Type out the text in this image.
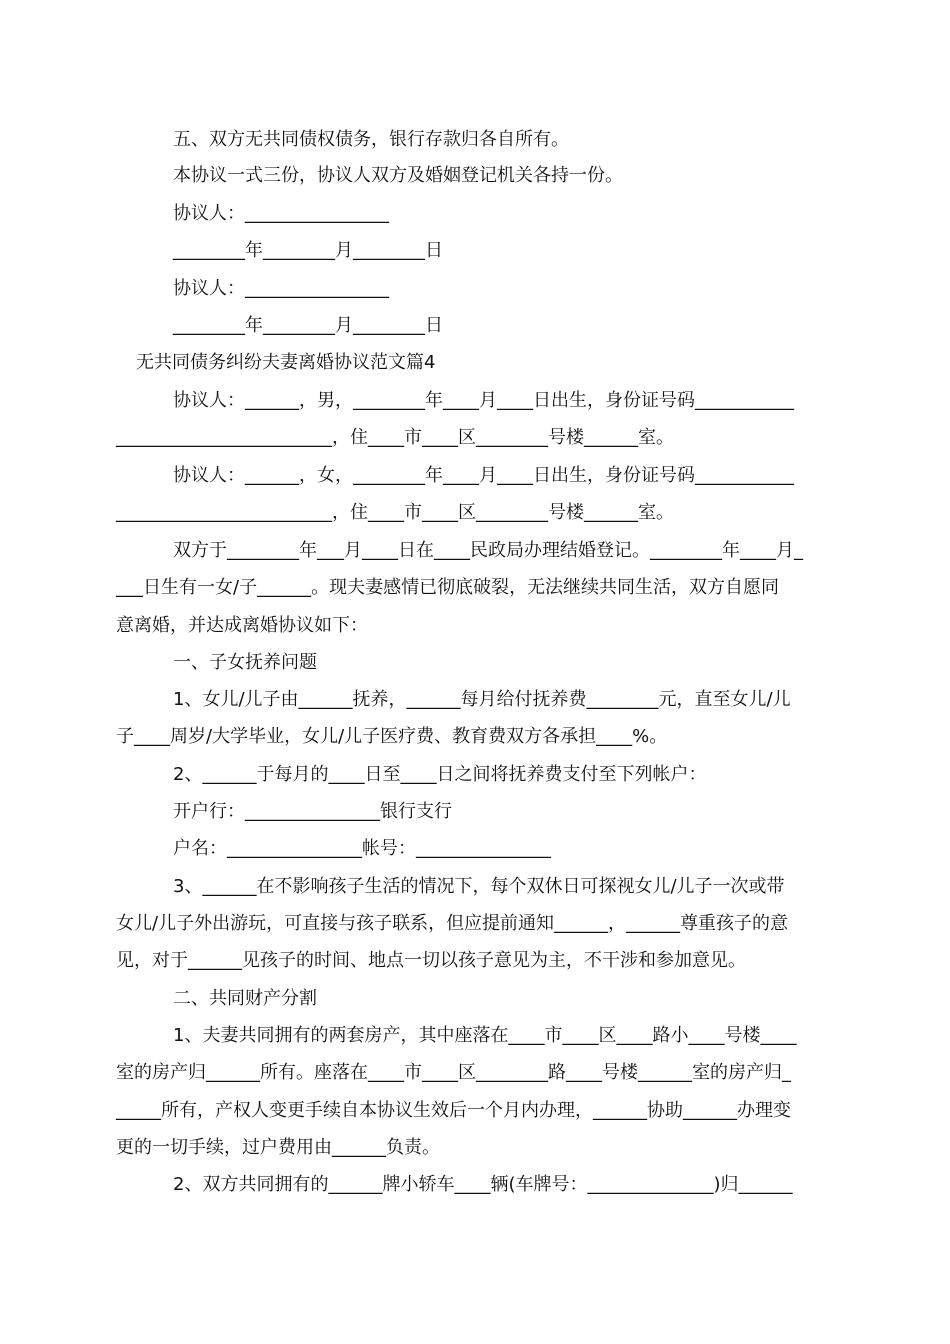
五、双方无共同债权债务，银行存款归各自所有。
本协议一式三份，协议人双方及婚姻登记机关各持一份。
协议人：________________
________年________月________日
协议人：________________
________年________月________日
无共同债务纠纷夫妻离婚协议范文篇4
协议人：______，男，________年____月____日出生，身份证号码___________
________________________，住____市____区________号楼______室。
协议人：______，女，________年____月____日出生，身份证号码___________
________________________，住____市____区________号楼______室。
双方于________年___月____日在____民政局办理结婚登记。________年____月_
___日生有一女/子______。现夫妻感情已彻底破裂，无法继续共同生活，双方自愿同
意离婚，并达成离婚协议如下：
一、子女抚养问题
1、女儿/儿子由______抚养，______每月给付抚养费________元，直至女儿/儿
子____周岁/大学毕业，女儿/儿子医疗费、教育费双方各承担____%。
2、______于每月的____日至____日之间将抚养费支付至下列帐户：
开户行：_______________银行支行
户名：_______________帐号：_______________
3、______在不影响孩子生活的情况下，每个双休日可探视女儿/儿子一次或带
女儿/儿子外出游玩，可直接与孩子联系，但应提前通知______，______尊重孩子的意
见，对于______见孩子的时间、地点一切以孩子意见为主，不干涉和参加意见。
二、共同财产分割
1、夫妻共同拥有的两套房产，其中座落在____市____区____路小____号楼____
室的房产归______所有。座落在____市____区________路____号楼______室的房产归_
_____所有，产权人变更手续自本协议生效后一个月内办理，______协助______办理变
更的一切手续，过户费用由______负责。
2、双方共同拥有的______牌小轿车____辆(车牌号：______________)归______
